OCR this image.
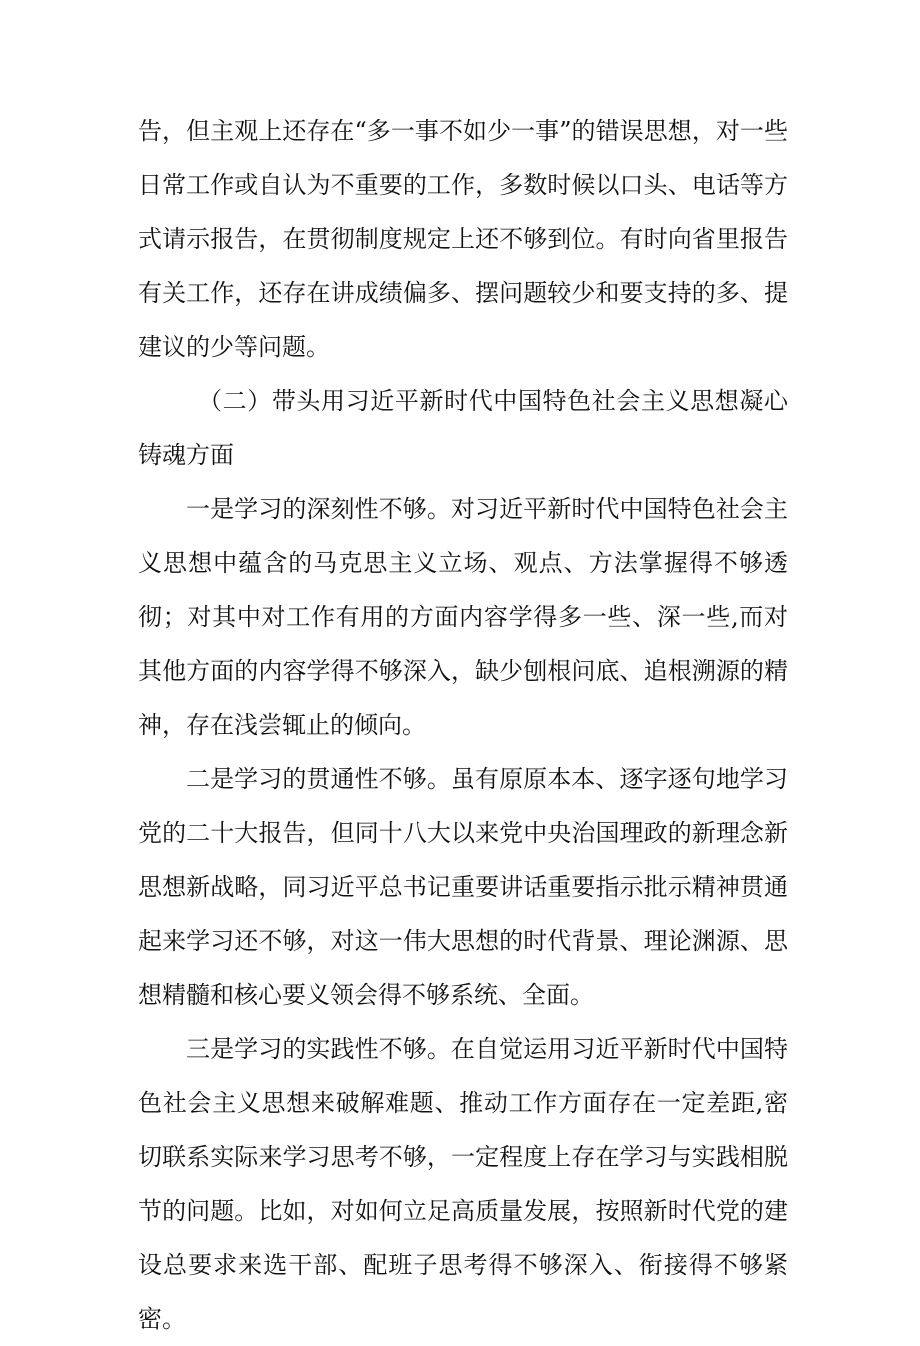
告，但主观上还存在“多一事不如少一事”的错误思想，对一些日常工作或自认为不重要的工作，多数时候以口头、电话等方式请示报告，在贯彻制度规定上还不够到位。有时向省里报告有关工作，还存在讲成绩偏多、摆问题较少和要支持的多、提建议的少等问题。

（二）带头用习近平新时代中国特色社会主义思想凝心铸魂方面

一是学习的深刻性不够。对习近平新时代中国特色社会主义思想中蕴含的马克思主义立场、观点、方法掌握得不够透彻；对其中对工作有用的方面内容学得多一些、深一些,而对其他方面的内容学得不够深入，缺少刨根问底、追根溯源的精神，存在浅尝辄止的倾向。

二是学习的贯通性不够。虽有原原本本、逐字逐句地学习党的二十大报告，但同十八大以来党中央治国理政的新理念新思想新战略，同习近平总书记重要讲话重要指示批示精神贯通起来学习还不够，对这一伟大思想的时代背景、理论渊源、思想精髓和核心要义领会得不够系统、全面。

三是学习的实践性不够。在自觉运用习近平新时代中国特色社会主义思想来破解难题、推动工作方面存在一定差距,密切联系实际来学习思考不够，一定程度上存在学习与实践相脱节的问题。比如，对如何立足高质量发展，按照新时代党的建设总要求来选干部、配班子思考得不够深入、衔接得不够紧密。
